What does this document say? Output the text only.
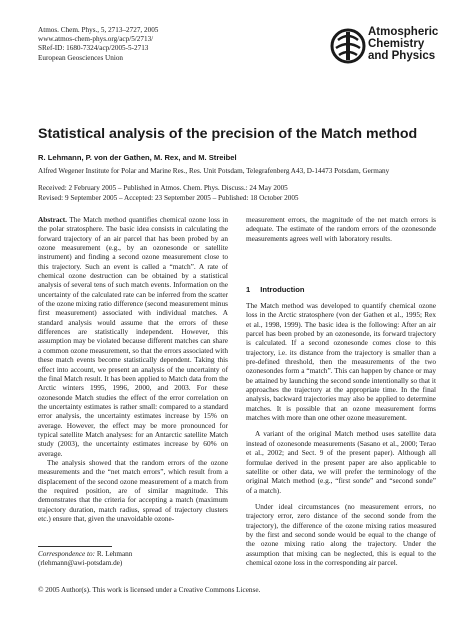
Atmos. Chem. Phys., 5, 2713–2727, 2005
www.atmos-chem-phys.org/acp/5/2713/
SRef-ID: 1680-7324/acp/2005-5-2713
European Geosciences Union
Atmospheric
Chemistry
and Physics
Statistical analysis of the precision of the Match method
R. Lehmann, P. von der Gathen, M. Rex, and M. Streibel
Alfred Wegener Institute for Polar and Marine Res., Res. Unit Potsdam, Telegrafenberg A43, D-14473 Potsdam, Germany
Received: 2 February 2005 – Published in Atmos. Chem. Phys. Discuss.: 24 May 2005
Revised: 9 September 2005 – Accepted: 23 September 2005 – Published: 18 October 2005

Abstract. The Match method quantifies chemical ozone loss in the polar stratosphere. The basic idea consists in calculating the forward trajectory of an air parcel that has been probed by an ozone measurement (e.g., by an ozonesonde or satellite instrument) and finding a second ozone measurement close to this trajectory. Such an event is called a “match”. A rate of chemical ozone destruction can be obtained by a statistical analysis of several tens of such match events. Information on the uncertainty of the calculated rate can be inferred from the scatter of the ozone mixing ratio difference (second measurement minus first measurement) associated with individual matches. A standard analysis would assume that the errors of these differences are statistically independent. However, this assumption may be violated because different matches can share a common ozone measurement, so that the errors associated with these match events become statistically dependent. Taking this effect into account, we present an analysis of the uncertainty of the final Match result. It has been applied to Match data from the Arctic winters 1995, 1996, 2000, and 2003. For these ozonesonde Match studies the effect of the error correlation on the uncertainty estimates is rather small: compared to a standard error analysis, the uncertainty estimates increase by 15% on average. However, the effect may be more pronounced for typical satellite Match analyses: for an Antarctic satellite Match study (2003), the uncertainty estimates increase by 60% on average.

The analysis showed that the random errors of the ozone measurements and the “net match errors”, which result from a displacement of the second ozone measurement of a match from the required position, are of similar magnitude. This demonstrates that the criteria for accepting a match (maximum trajectory duration, match radius, spread of trajectory clusters etc.) ensure that, given the unavoidable ozone-

measurement errors, the magnitude of the net match errors is adequate. The estimate of the random errors of the ozonesonde measurements agrees well with laboratory results.

1 Introduction

The Match method was developed to quantify chemical ozone loss in the Arctic stratosphere (von der Gathen et al., 1995; Rex et al., 1998, 1999). The basic idea is the following: After an air parcel has been probed by an ozonesonde, its forward trajectory is calculated. If a second ozonesonde comes close to this trajectory, i.e. its distance from the trajectory is smaller than a pre-defined threshold, then the measurements of the two ozonesondes form a “match”. This can happen by chance or may be attained by launching the second sonde intentionally so that it approaches the trajectory at the appropriate time. In the final analysis, backward trajectories may also be applied to determine matches. It is possible that an ozone measurement forms matches with more than one other ozone measurement.

A variant of the original Match method uses satellite data instead of ozonesonde measurements (Sasano et al., 2000; Terao et al., 2002; and Sect. 9 of the present paper). Although all formulae derived in the present paper are also applicable to satellite or other data, we will prefer the terminology of the original Match method (e.g., “first sonde” and “second sonde” of a match).

Under ideal circumstances (no measurement errors, no trajectory error, zero distance of the second sonde from the trajectory), the difference of the ozone mixing ratios measured by the first and second sonde would be equal to the change of the ozone mixing ratio along the trajectory. Under the assumption that mixing can be neglected, this is equal to the chemical ozone loss in the corresponding air parcel.

Correspondence to: R. Lehmann
(rlehmann@awi-potsdam.de)
© 2005 Author(s). This work is licensed under a Creative Commons License.
